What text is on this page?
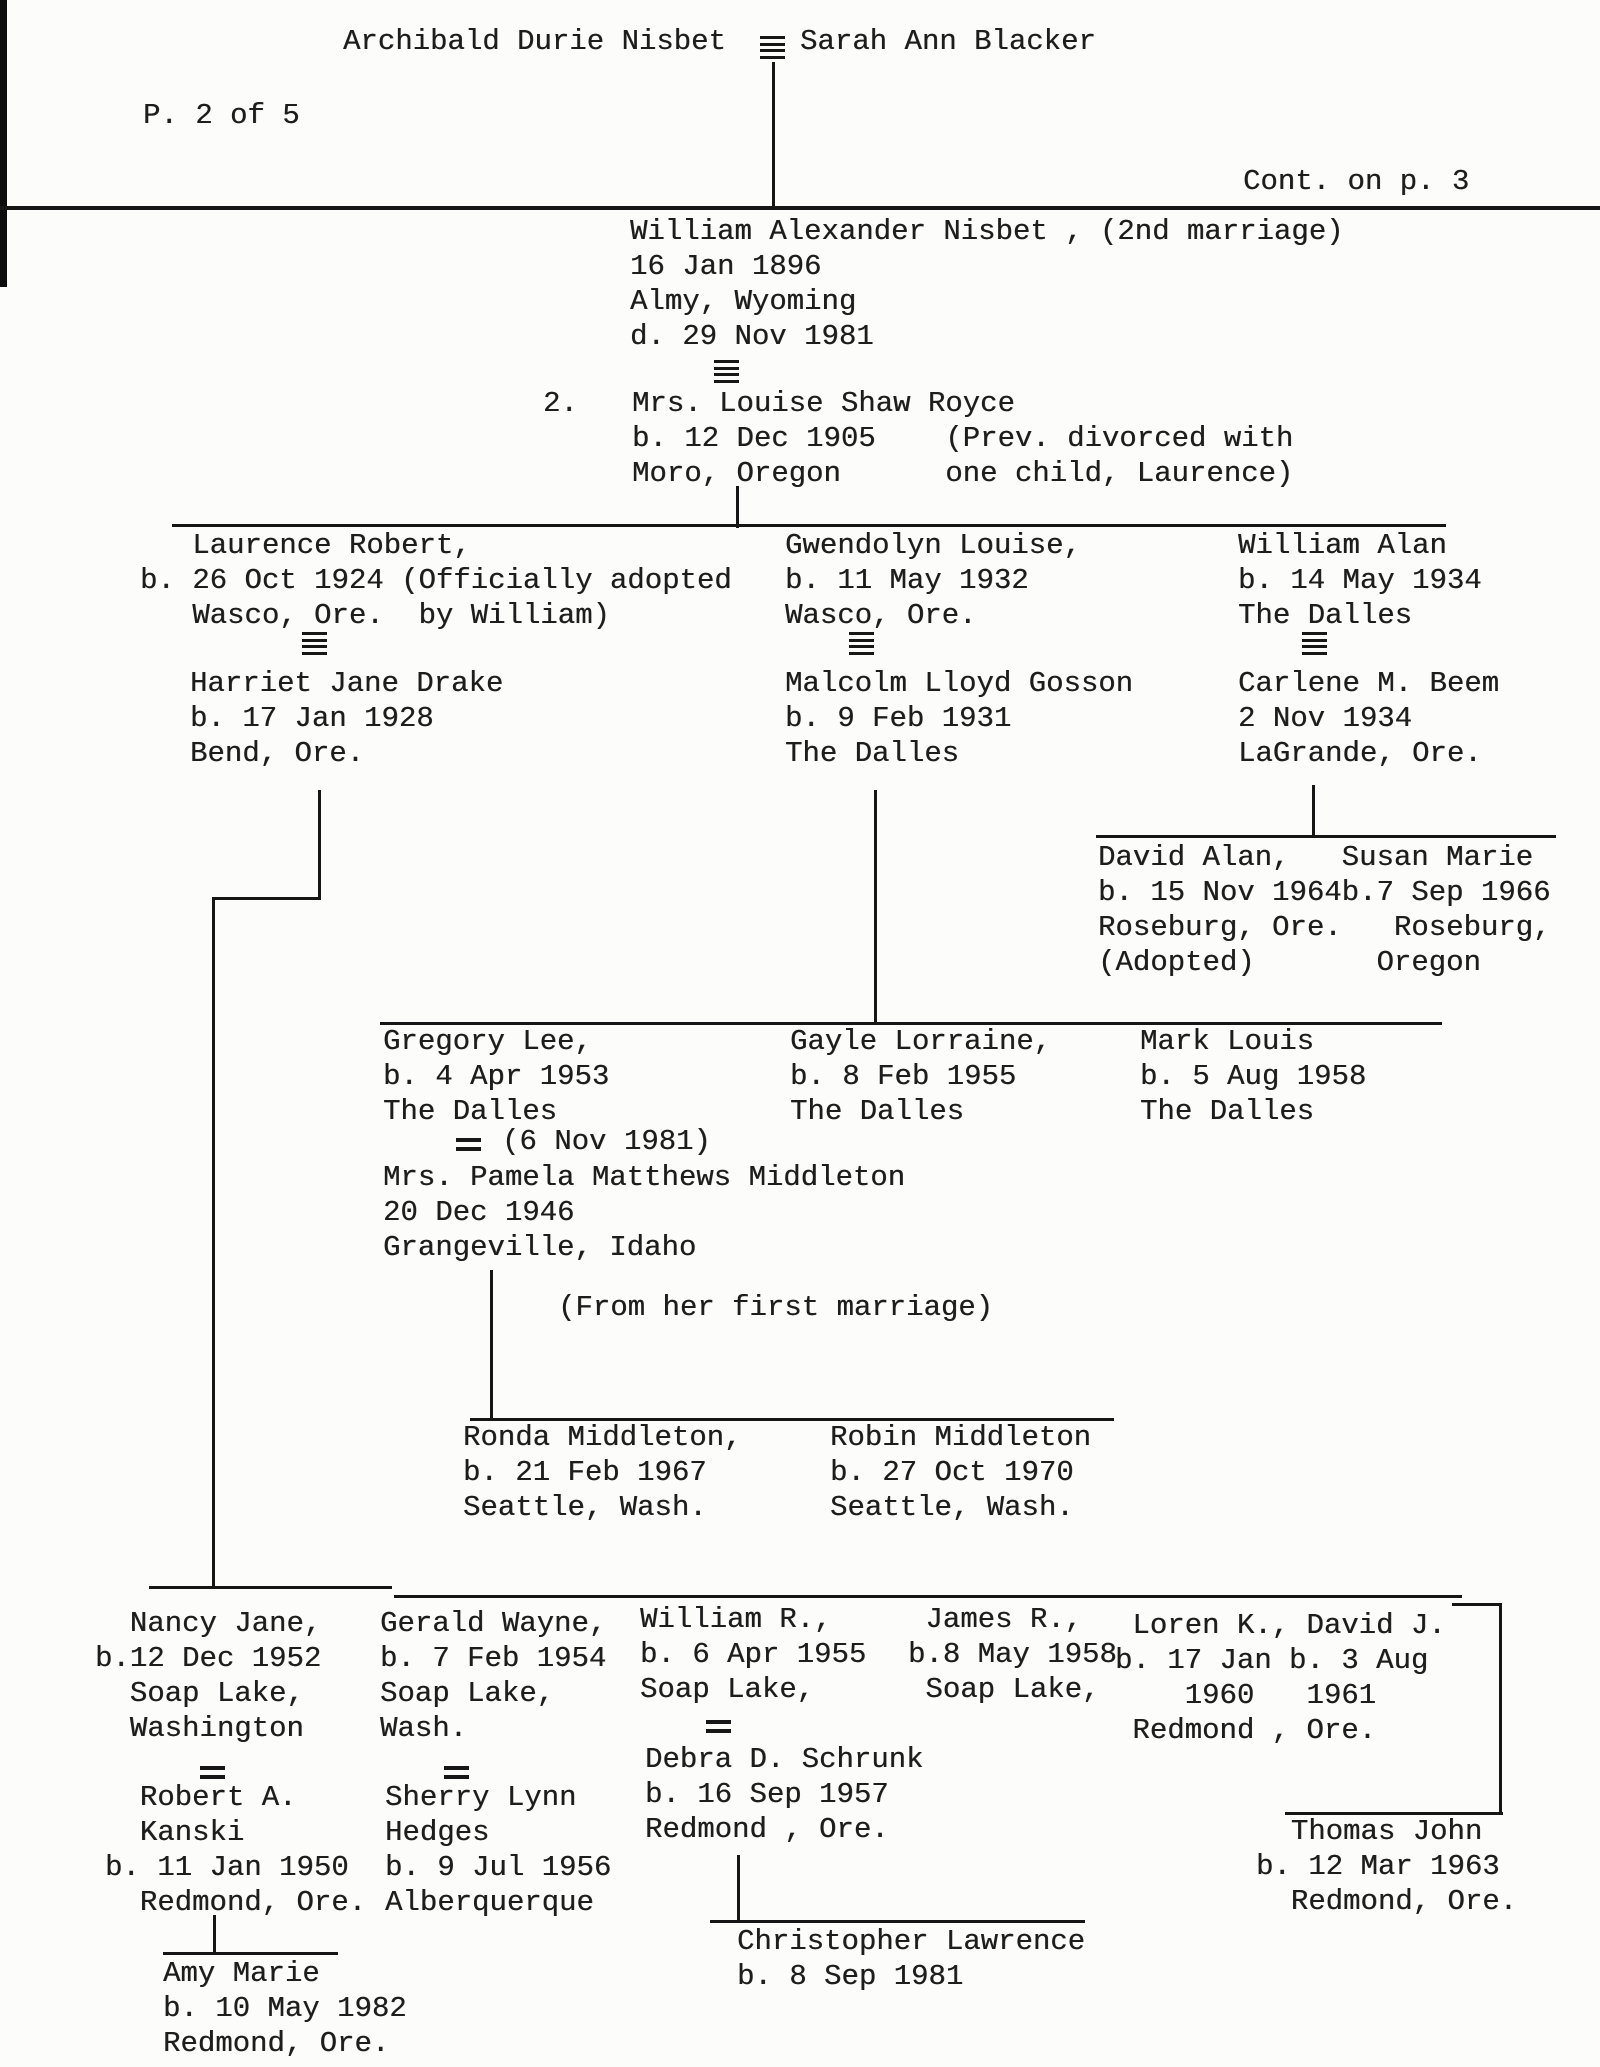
Archibald Durie Nisbet	Sarah Ann Blacker
P. 2 of 5
Cont. on p. 3
William Alexander Nisbet , (2nd marriage)
16 Jan 1896
Almy, Wyoming
d. 29 Nov 1981
2. Mrs. Louise Shaw Royce
b. 12 Dec 1905    (Prev. divorced with
Moro, Oregon      one child, Laurence)
Laurence Robert,
b. 26 Oct 1924 (Officially adopted
Wasco, Ore.  by William)
Harriet Jane Drake
b. 17 Jan 1928
Bend, Ore.
Gwendolyn Louise,
b. 11 May 1932
Wasco, Ore.
Malcolm Lloyd Gosson
b. 9 Feb 1931
The Dalles
William Alan
b. 14 May 1934
The Dalles
Carlene M. Beem
2 Nov 1934
LaGrande, Ore.
David Alan,   Susan Marie
b. 15 Nov 1964b.7 Sep 1966
Roseburg, Ore.   Roseburg,
(Adopted)       Oregon
Gregory Lee,
b. 4 Apr 1953
The Dalles
Gayle Lorraine,
b. 8 Feb 1955
The Dalles
Mark Louis
b. 5 Aug 1958
The Dalles
(6 Nov 1981)
Mrs. Pamela Matthews Middleton
20 Dec 1946
Grangeville, Idaho
(From her first marriage)
Ronda Middleton,
b. 21 Feb 1967
Seattle, Wash.
Robin Middleton
b. 27 Oct 1970
Seattle, Wash.
Nancy Jane,
b.12 Dec 1952
Soap Lake,
Washington
Robert A.
Kanski
b. 11 Jan 1950
Redmond, Ore.
Gerald Wayne,
b. 7 Feb 1954
Soap Lake,
Wash.
Sherry Lynn
Hedges
b. 9 Jul 1956
Alberquerque
William R.,
b. 6 Apr 1955
Soap Lake,
Debra D. Schrunk
b. 16 Sep 1957
Redmond , Ore.
James R.,
b.8 May 1958
Soap Lake,
Loren K., David J.
b. 17 Jan b. 3 Aug
1960   1961
Redmond , Ore.
Thomas John
b. 12 Mar 1963
Redmond, Ore.
Christopher Lawrence
b. 8 Sep 1981
Amy Marie
b. 10 May 1982
Redmond, Ore.
